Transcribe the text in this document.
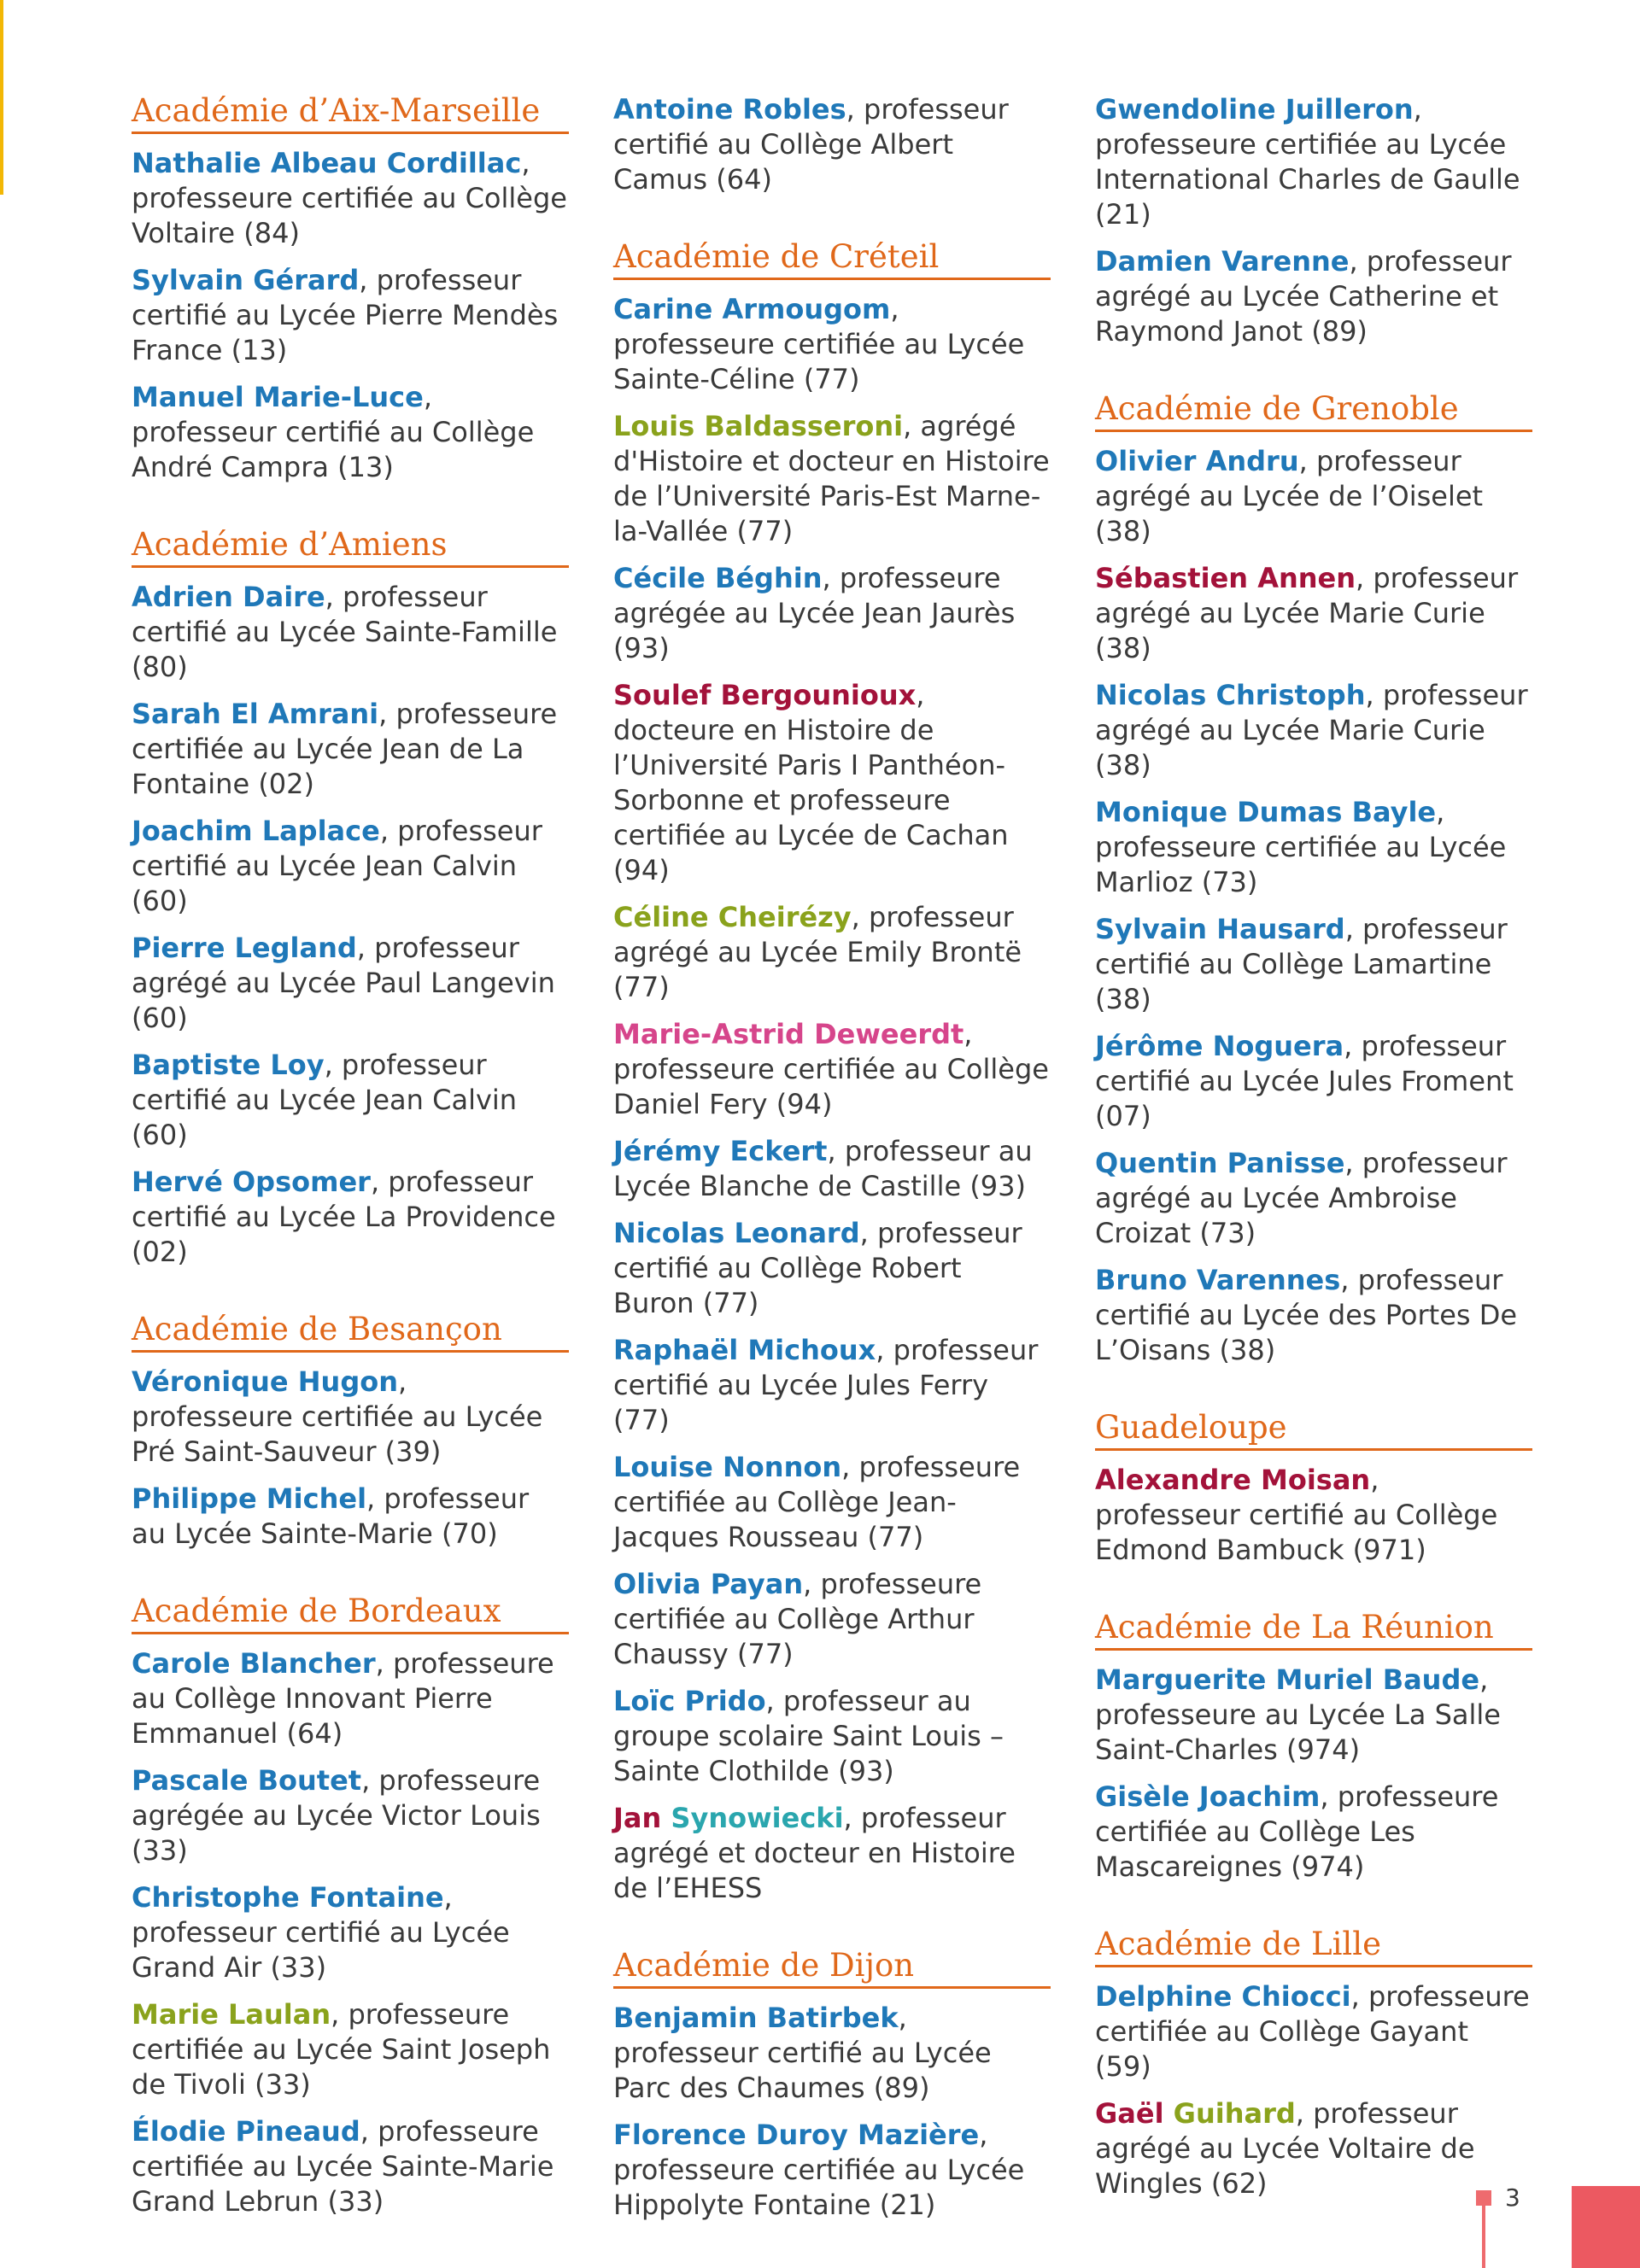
Académie d’Aix-Marseille

Nathalie Albeau Cordillac, professeure certifiée au Collège Voltaire (84)

Sylvain Gérard, professeur certifié au Lycée Pierre Mendès France (13)

Manuel Marie-Luce, professeur certifié au Collège André Campra (13)

Académie d’Amiens

Adrien Daire, professeur certifié au Lycée Sainte-Famille (80)

Sarah El Amrani, professeure certifiée au Lycée Jean de La Fontaine (02)

Joachim Laplace, professeur certifié au Lycée Jean Calvin (60)

Pierre Legland, professeur agrégé au Lycée Paul Langevin (60)

Baptiste Loy, professeur certifié au Lycée Jean Calvin (60)

Hervé Opsomer, professeur certifié au Lycée La Providence (02)

Académie de Besançon

Véronique Hugon, professeure certifiée au Lycée Pré Saint-Sauveur (39)

Philippe Michel, professeur au Lycée Sainte-Marie (70)

Académie de Bordeaux

Carole Blancher, professeure au Collège Innovant Pierre Emmanuel (64)

Pascale Boutet, professeure agrégée au Lycée Victor Louis (33)

Christophe Fontaine, professeur certifié au Lycée Grand Air (33)

Marie Laulan, professeure certifiée au Lycée Saint Joseph de Tivoli (33)

Élodie Pineaud, professeure certifiée au Lycée Sainte-Marie Grand Lebrun (33)

Antoine Robles, professeur certifié au Collège Albert Camus (64)

Académie de Créteil

Carine Armougom, professeure certifiée au Lycée Sainte-Céline (77)

Louis Baldasseroni, agrégé d'Histoire et docteur en Histoire de l’Université Paris-Est Marne-la-Vallée (77)

Cécile Béghin, professeure agrégée au Lycée Jean Jaurès (93)

Soulef Bergounioux, docteure en Histoire de l’Université Paris I Panthéon-Sorbonne et professeure certifiée au Lycée de Cachan (94)

Céline Cheirézy, professeur agrégé au Lycée Emily Brontë (77)

Marie-Astrid Deweerdt, professeure certifiée au Collège Daniel Fery (94)

Jérémy Eckert, professeur au Lycée Blanche de Castille (93)

Nicolas Leonard, professeur certifié au Collège Robert Buron (77)

Raphaël Michoux, professeur certifié au Lycée Jules Ferry (77)

Louise Nonnon, professeure certifiée au Collège Jean-Jacques Rousseau (77)

Olivia Payan, professeure certifiée au Collège Arthur Chaussy (77)

Loïc Prido, professeur au groupe scolaire Saint Louis – Sainte Clothilde (93)

Jan Synowiecki, professeur agrégé et docteur en Histoire de l’EHESS

Académie de Dijon

Benjamin Batirbek, professeur certifié au Lycée Parc des Chaumes (89)

Florence Duroy Mazière, professeure certifiée au Lycée Hippolyte Fontaine (21)

Gwendoline Juilleron, professeure certifiée au Lycée International Charles de Gaulle (21)

Damien Varenne, professeur agrégé au Lycée Catherine et Raymond Janot (89)

Académie de Grenoble

Olivier Andru, professeur agrégé au Lycée de l’Oiselet (38)

Sébastien Annen, professeur agrégé au Lycée Marie Curie (38)

Nicolas Christoph, professeur agrégé au Lycée Marie Curie (38)

Monique Dumas Bayle, professeure certifiée au Lycée Marlioz (73)

Sylvain Hausard, professeur certifié au Collège Lamartine (38)

Jérôme Noguera, professeur certifié au Lycée Jules Froment (07)

Quentin Panisse, professeur agrégé au Lycée Ambroise Croizat (73)

Bruno Varennes, professeur certifié au Lycée des Portes De L’Oisans (38)

Guadeloupe

Alexandre Moisan, professeur certifié au Collège Edmond Bambuck (971)

Académie de La Réunion

Marguerite Muriel Baude, professeure au Lycée La Salle Saint-Charles (974)

Gisèle Joachim, professeure certifiée au Collège Les Mascareignes (974)

Académie de Lille

Delphine Chiocci, professeure certifiée au Collège Gayant (59)

Gaël Guihard, professeur agrégé au Lycée Voltaire de Wingles (62)	3
